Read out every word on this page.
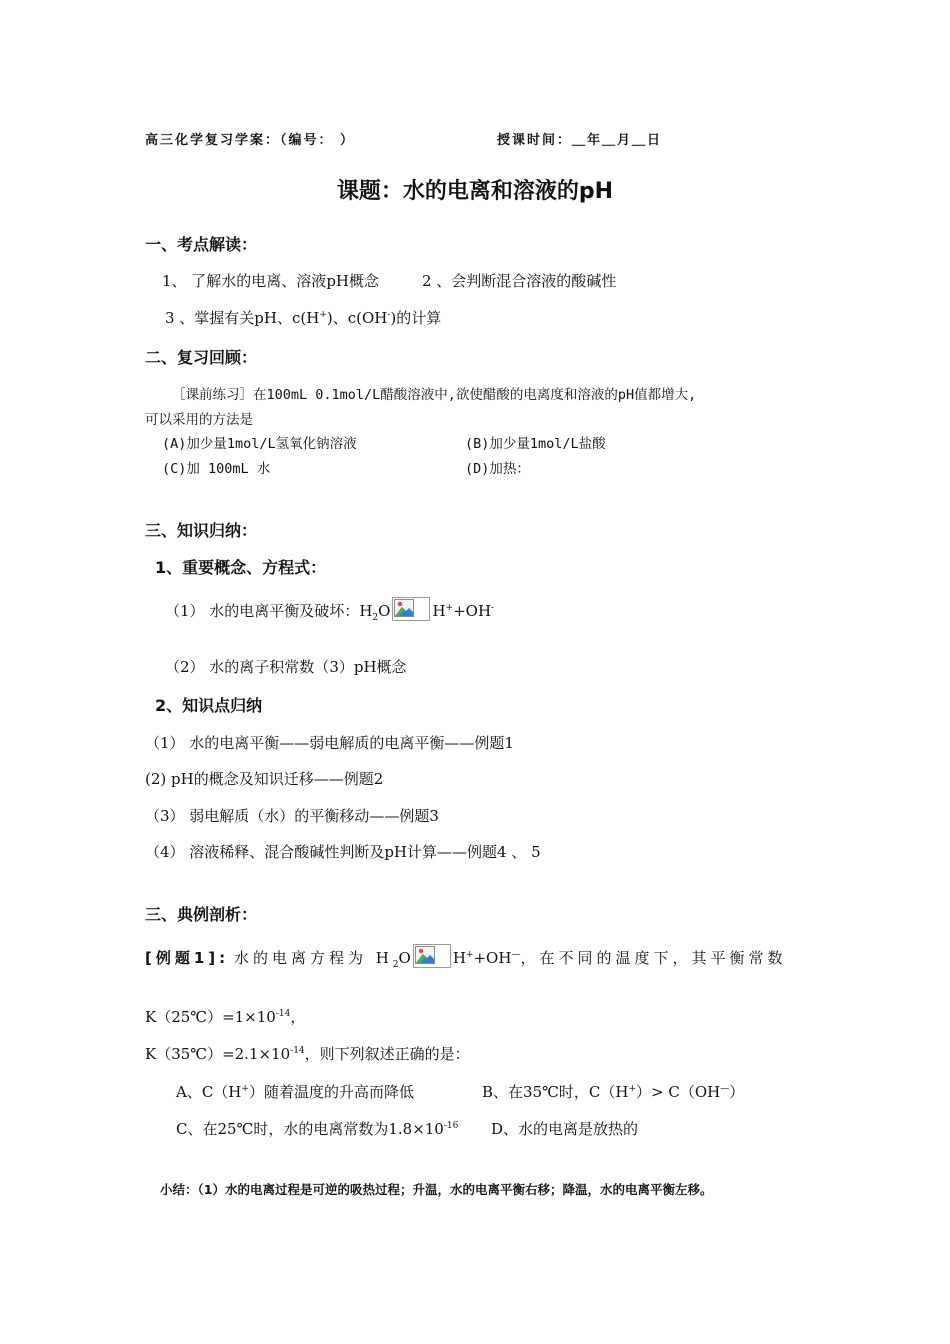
高三化学复习学案：（编号： ）	授课时间：＿年＿月＿日
课题：水的电离和溶液的pH
一、考点解读：
1、 了解水的电离、溶液pH概念	2 、会判断混合溶液的酸碱性
3 、掌握有关pH、c(H+)、c(OH-)的计算
二、复习回顾：
［课前练习］在100mL 0.1mol/L醋酸溶液中,欲使醋酸的电离度和溶液的pH值都增大,
可以采用的方法是
(A)加少量1mol/L氢氧化钠溶液	(B)加少量1mol/L盐酸
(C)加 100mL 水	(D)加热：
三、知识归纳：
1、重要概念、方程式：
（1） 水的电离平衡及破坏：$H_2O$	H++OH-
（2） 水的离子积常数（3）pH概念
2、知识点归纳
（1） 水的电离平衡——弱电解质的电离平衡——例题1
(2) pH的概念及知识迁移——例题2
（3） 弱电解质（水）的平衡移动——例题3
（4） 溶液稀释、混合酸碱性判断及pH计算——例题4 、 5
三、典例剖析：
[例题1]: 水的电离方程为 $H_2O$	H++OH—，在不同的温度下，其平衡常数
$K(25℃)=1\times 10^{-14}$，
$K(35℃)=2.1\times 10^{-14}$，则下列叙述正确的是：
A、C（H+）随着温度的升高而降低	B、在35℃时，C（H+）> C（OH—）
C、在25℃时，水的电离常数为$1.8\times 10^{-16}$ D、水的电离是放热的
小结：（1）水的电离过程是可逆的吸热过程；升温，水的电离平衡右移；降温，水的电离平衡左移。
